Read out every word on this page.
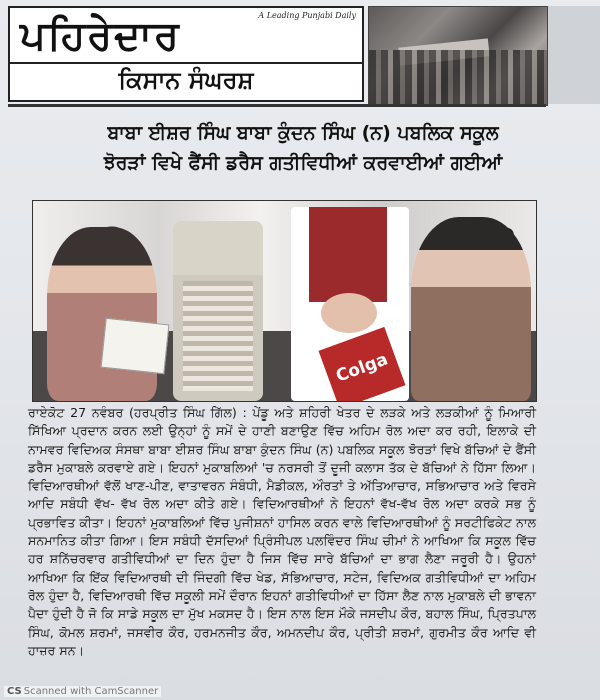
ਪਹਿਰੇਦਾਰ	A Leading Punjabi Daily
ਕਿਸਾਨ ਸੰਘਰਸ਼
ਬਾਬਾ ਈਸ਼ਰ ਸਿੰਘ ਬਾਬਾ ਕੁੰਦਨ ਸਿੰਘ (ਨ) ਪਬਲਿਕ ਸਕੂਲ
ਝੋਰੜਾਂ ਵਿਖੇ ਫੈਂਸੀ ਡਰੈਸ ਗਤੀਵਿਧੀਆਂ ਕਰਵਾਈਆਂ ਗਈਆਂ
Colga
ਰਾਏਕੋਟ 27 ਨਵੰਬਰ (ਹਰਪ੍ਰੀਤ ਸਿੰਘ ਗਿੱਲ) : ਪੇਂਡੂ ਅਤੇ ਸ਼ਹਿਰੀ ਖੇਤਰ ਦੇ ਲੜਕੇ ਅਤੇ ਲੜਕੀਆਂ ਨੂੰ ਮਿਆਰੀ ਸਿੱਖਿਆ ਪ੍ਰਦਾਨ ਕਰਨ ਲਈ ਉਨ੍ਹਾਂ ਨੂੰ ਸਮੇਂ ਦੇ ਹਾਣੀ ਬਣਾਉਣ ਵਿੱਚ ਅਹਿਮ ਰੋਲ ਅਦਾ ਕਰ ਰਹੀ, ਇਲਾਕੇ ਦੀ ਨਾਮਵਰ ਵਿਦਿਅਕ ਸੰਸਥਾ ਬਾਬਾ ਈਸ਼ਰ ਸਿੰਘ ਬਾਬਾ ਕੁੰਦਨ ਸਿੰਘ (ਨ) ਪਬਲਿਕ ਸਕੂਲ ਝੋਰੜਾਂ ਵਿਖੇ ਬੱਚਿਆਂ ਦੇ ਫੈਂਸੀ ਡਰੈਸ ਮੁਕਾਬਲੇ ਕਰਵਾਏ ਗਏ। ਇਹਨਾਂ ਮੁਕਾਬਲਿਆਂ 'ਚ ਨਰਸਰੀ ਤੋਂ ਦੂਜੀ ਕਲਾਸ ਤੱਕ ਦੇ ਬੱਚਿਆਂ ਨੇ ਹਿੱਸਾ ਲਿਆ। ਵਿਦਿਆਰਥੀਆਂ ਵੱਲੋਂ ਖਾਣ-ਪੀਣ, ਵਾਤਾਵਰਨ ਸੰਬੰਧੀ, ਮੈਡੀਕਲ, ਔਰਤਾਂ ਤੇ ਅੱਤਿਆਚਾਰ, ਸਭਿਆਚਾਰ ਅਤੇ ਵਿਰਸੇ ਆਦਿ ਸਬੰਧੀ ਵੱਖ- ਵੱਖ ਰੋਲ ਅਦਾ ਕੀਤੇ ਗਏ। ਵਿਦਿਆਰਥੀਆਂ ਨੇ ਇਹਨਾਂ ਵੱਖ-ਵੱਖ ਰੋਲ ਅਦਾ ਕਰਕੇ ਸਭ ਨੂੰ ਪ੍ਰਭਾਵਿਤ ਕੀਤਾ। ਇਹਨਾਂ ਮੁਕਾਬਲਿਆਂ ਵਿੱਚ ਪੁਜੀਸ਼ਨਾਂ ਹਾਸਿਲ ਕਰਨ ਵਾਲੇ ਵਿਦਿਆਰਥੀਆਂ ਨੂੰ ਸਰਟੀਫਿਕੇਟ ਨਾਲ ਸਨਮਾਨਿਤ ਕੀਤਾ ਗਿਆ। ਇਸ ਸਬੰਧੀ ਦੱਸਦਿਆਂ ਪ੍ਰਿੰਸੀਪਲ ਪਲਵਿੰਦਰ ਸਿੰਘ ਚੀਮਾਂ ਨੇ ਆਖਿਆ ਕਿ ਸਕੂਲ ਵਿੱਚ ਹਰ ਸ਼ਨਿੱਚਰਵਾਰ ਗਤੀਵਿਧੀਆਂ ਦਾ ਦਿਨ ਹੁੰਦਾ ਹੈ ਜਿਸ ਵਿੱਚ ਸਾਰੇ ਬੱਚਿਆਂ ਦਾ ਭਾਗ ਲੈਣਾ ਜਰੂਰੀ ਹੈ। ਉਹਨਾਂ ਆਖਿਆ ਕਿ ਇੱਕ ਵਿਦਿਆਰਥੀ ਦੀ ਜਿੰਦਗੀ ਵਿੱਚ ਖੇਡ, ਸੱਭਿਆਚਾਰ, ਸਟੇਜ, ਵਿਦਿਅਕ ਗਤੀਵਿਧੀਆਂ ਦਾ ਅਹਿਮ ਰੋਲ ਹੁੰਦਾ ਹੈ, ਵਿਦਿਆਰਥੀ ਵਿੱਚ ਸਕੂਲੀ ਸਮੇਂ ਦੌਰਾਨ ਇਹਨਾਂ ਗਤੀਵਿਧੀਆਂ ਦਾ ਹਿੱਸਾ ਲੈਣ ਨਾਲ ਮੁਕਾਬਲੇ ਦੀ ਭਾਵਨਾ ਪੈਦਾ ਹੁੰਦੀ ਹੈ ਜੋ ਕਿ ਸਾਡੇ ਸਕੂਲ ਦਾ ਮੁੱਖ ਮਕਸਦ ਹੈ। ਇਸ ਨਾਲ ਇਸ ਮੌਕੇ ਜਸਦੀਪ ਕੌਰ, ਬਹਾਲ ਸਿੰਘ, ਪ੍ਰਿਤਪਾਲ ਸਿੰਘ, ਕੋਮਲ ਸ਼ਰਮਾਂ, ਜਸਵੀਰ ਕੌਰ, ਹਰਮਨਜੀਤ ਕੌਰ, ਅਮਨਦੀਪ ਕੌਰ, ਪ੍ਰੀਤੀ ਸ਼ਰਮਾਂ, ਗੁਰਮੀਤ ਕੌਰ ਆਦਿ ਵੀ ਹਾਜ਼ਰ ਸਨ।
CS Scanned with CamScanner
